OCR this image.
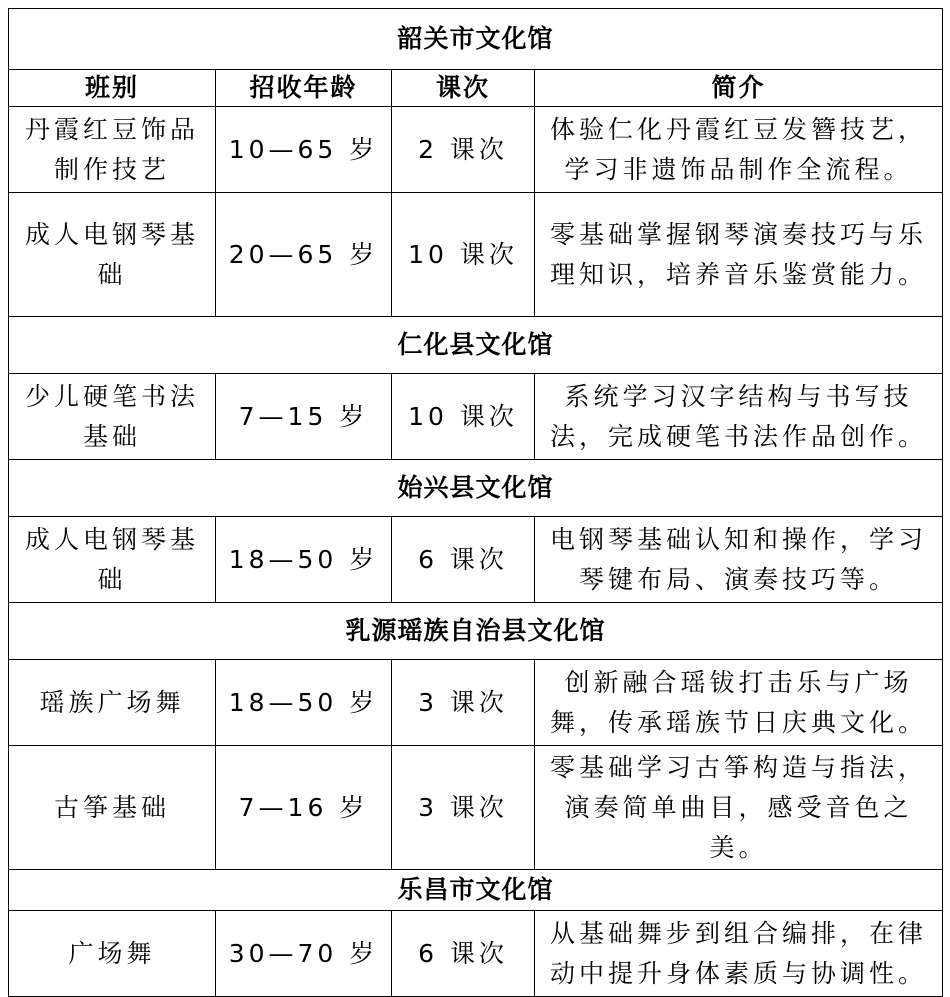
韶关市文化馆			
班别	招收年龄	课次	简介
丹霞红豆饰品制作技艺	10—65 岁	2 课次	体验仁化丹霞红豆发簪技艺，学习非遗饰品制作全流程。
成人电钢琴基础	20—65 岁	10 课次	零基础掌握钢琴演奏技巧与乐理知识，培养音乐鉴赏能力。
仁化县文化馆			
少儿硬笔书法基础	7—15 岁	10 课次	系统学习汉字结构与书写技法，完成硬笔书法作品创作。
始兴县文化馆			
成人电钢琴基础	18—50 岁	6 课次	电钢琴基础认知和操作，学习琴键布局、演奏技巧等。
乳源瑶族自治县文化馆			
瑶族广场舞	18—50 岁	3 课次	创新融合瑶钹打击乐与广场舞，传承瑶族节日庆典文化。
古筝基础	7—16 岁	3 课次	零基础学习古筝构造与指法，演奏简单曲目，感受音色之美。
乐昌市文化馆			
广场舞	30—70 岁	6 课次	从基础舞步到组合编排，在律动中提升身体素质与协调性。
